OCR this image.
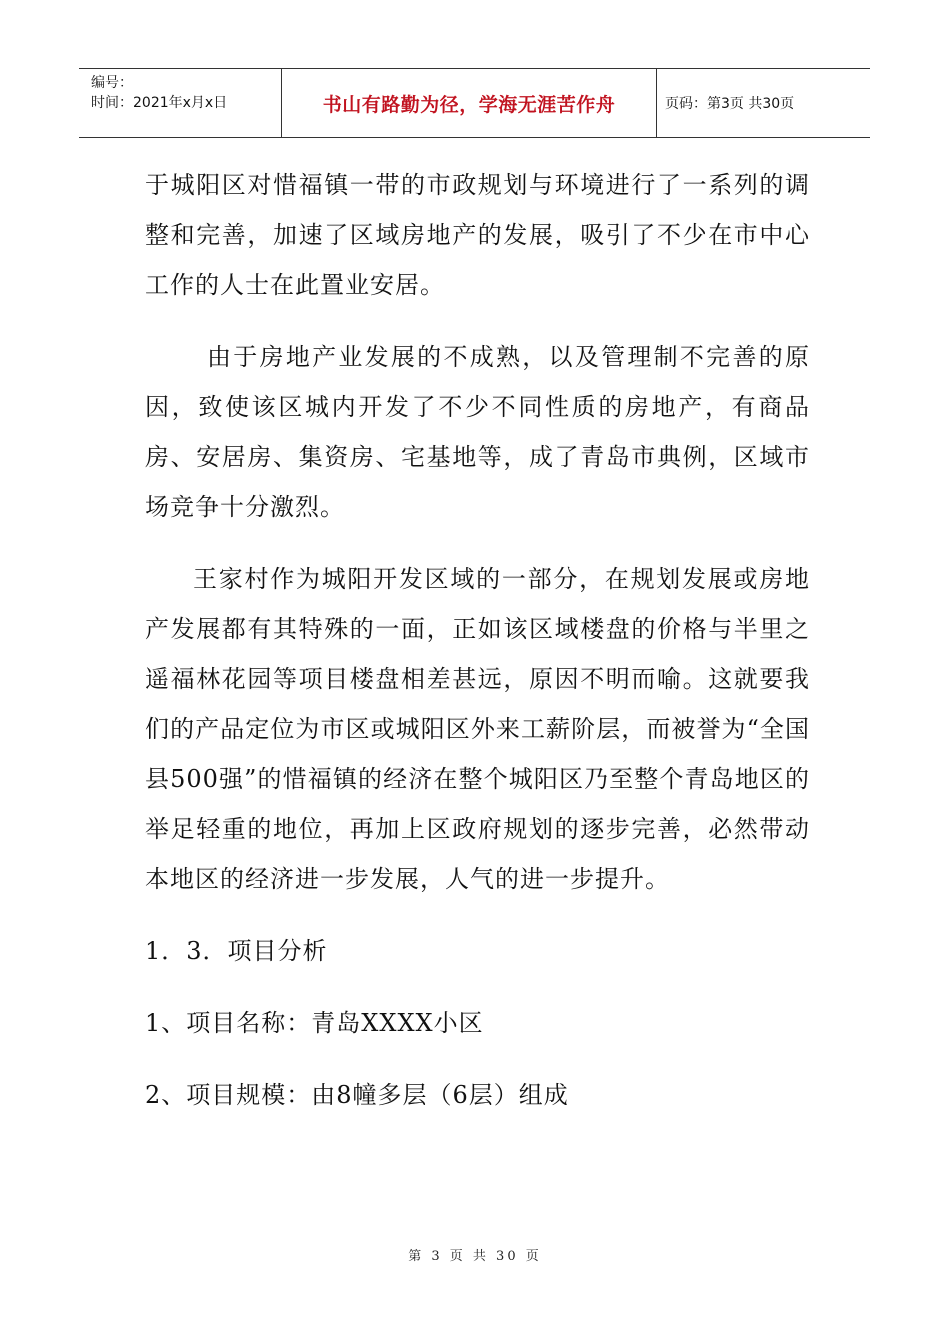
编号：
时间：2021年x月x日	书山有路勤为径，学海无涯苦作舟	页码：第3页 共30页

于城阳区对惜福镇一带的市政规划与环境进行了一系列的调整和完善，加速了区域房地产的发展，吸引了不少在市中心工作的人士在此置业安居。

由于房地产业发展的不成熟，以及管理制不完善的原因，致使该区城内开发了不少不同性质的房地产，有商品房、安居房、集资房、宅基地等，成了青岛市典例，区域市场竞争十分激烈。

王家村作为城阳开发区域的一部分，在规划发展或房地产发展都有其特殊的一面，正如该区域楼盘的价格与半里之遥福林花园等项目楼盘相差甚远，原因不明而喻。这就要我们的产品定位为市区或城阳区外来工薪阶层，而被誉为“全国县500强”的惜福镇的经济在整个城阳区乃至整个青岛地区的举足轻重的地位，再加上区政府规划的逐步完善，必然带动本地区的经济进一步发展，人气的进一步提升。

1．3．项目分析

1、项目名称：青岛XXXX小区

2、项目规模：由8幢多层（6层）组成

第 3 页 共 30 页
